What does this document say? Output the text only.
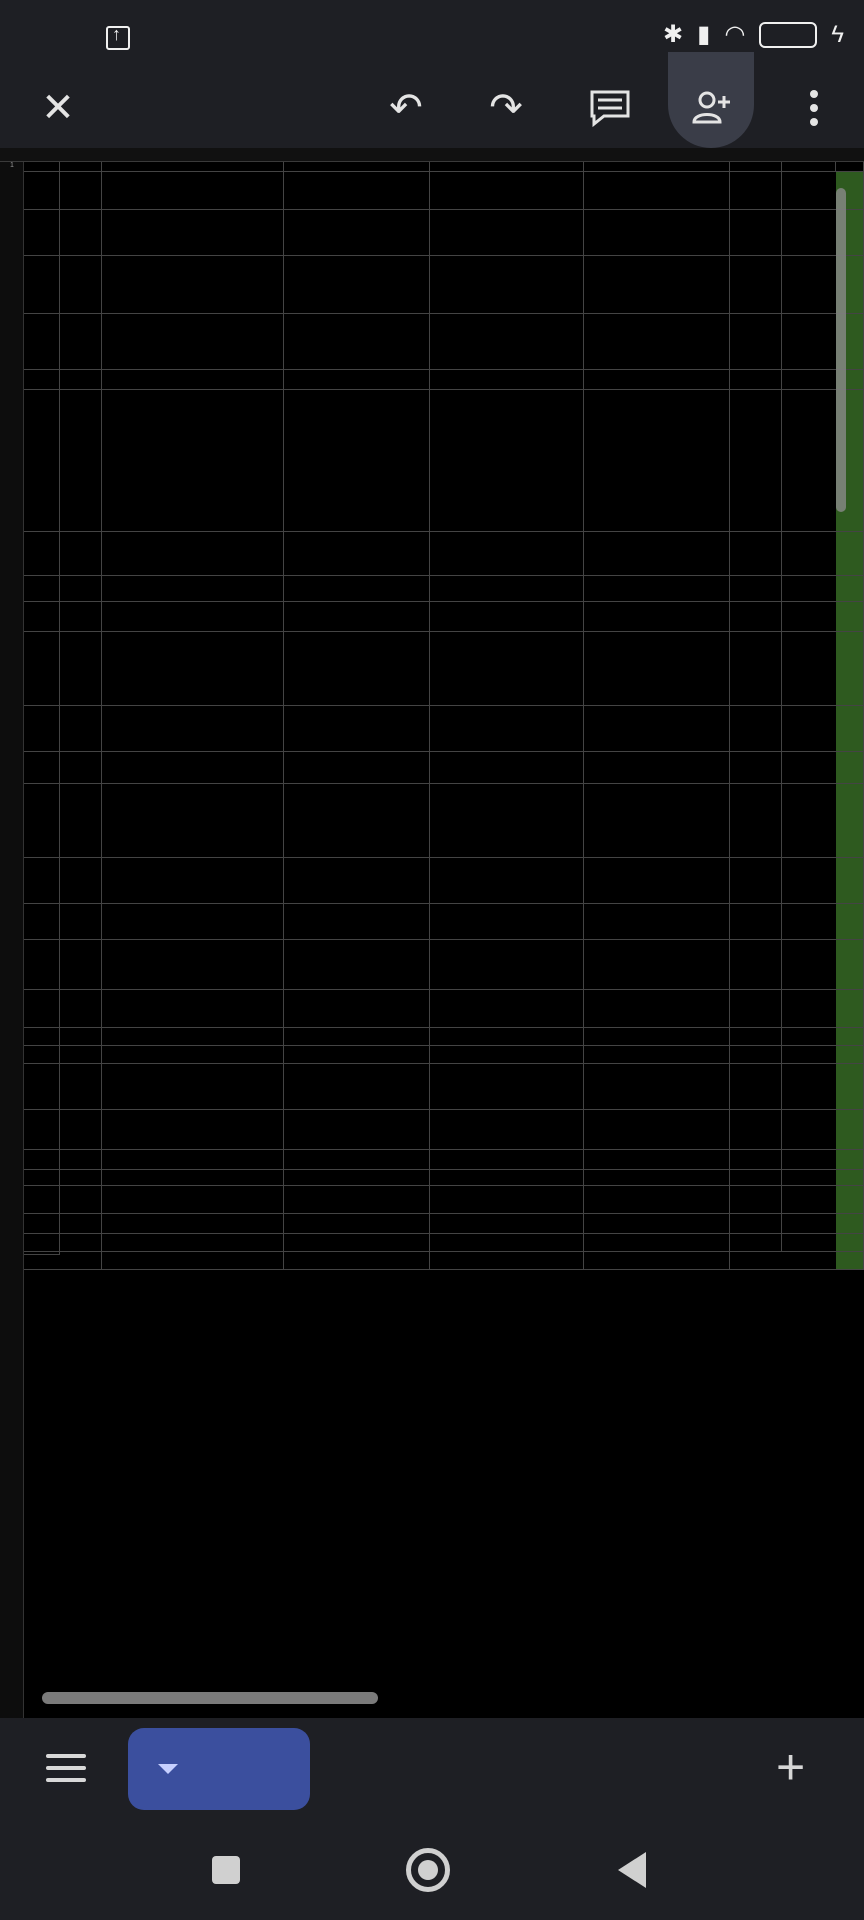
↑
✱ ▮ ◠	ϟ
✕	↶	↷
1
+
